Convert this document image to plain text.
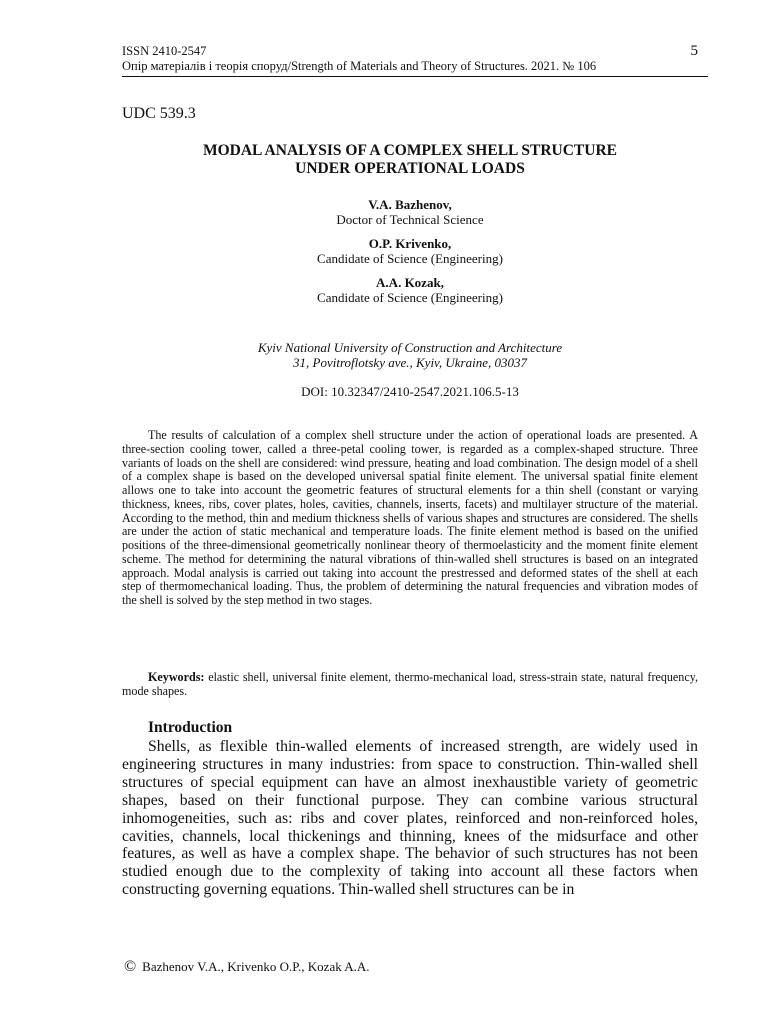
ISSN 2410-2547
Опір матеріалів і теорія споруд/Strength of Materials and Theory of Structures. 2021. № 106
5
UDC 539.3
MODAL ANALYSIS OF A COMPLEX SHELL STRUCTURE
UNDER OPERATIONAL LOADS
V.A. Bazhenov,
Doctor of Technical Science
O.P. Krivenko,
Candidate of Science (Engineering)
A.A. Kozak,
Candidate of Science (Engineering)
Kyiv National University of Construction and Architecture
31, Povitroflotsky ave., Kyiv, Ukraine, 03037
DOI: 10.32347/2410-2547.2021.106.5-13

The results of calculation of a complex shell structure under the action of operational loads are presented. A three-section cooling tower, called a three-petal cooling tower, is regarded as a complex-shaped structure. Three variants of loads on the shell are considered: wind pressure, heating and load combination. The design model of a shell of a complex shape is based on the developed universal spatial finite element. The universal spatial finite element allows one to take into account the geometric features of structural elements for a thin shell (constant or varying thickness, knees, ribs, cover plates, holes, cavities, channels, inserts, facets) and multilayer structure of the material. According to the method, thin and medium thickness shells of various shapes and structures are considered. The shells are under the action of static mechanical and temperature loads. The finite element method is based on the unified positions of the three-dimensional geometrically nonlinear theory of thermoelasticity and the moment finite element scheme. The method for determining the natural vibrations of thin-walled shell structures is based on an integrated approach. Modal analysis is carried out taking into account the prestressed and deformed states of the shell at each step of thermomechanical loading. Thus, the problem of determining the natural frequencies and vibration modes of the shell is solved by the step method in two stages.

Keywords: elastic shell, universal finite element, thermo-mechanical load, stress-strain state, natural frequency, mode shapes.

Introduction

Shells, as flexible thin-walled elements of increased strength, are widely used in engineering structures in many industries: from space to construction. Thin-walled shell structures of special equipment can have an almost inexhaustible variety of geometric shapes, based on their functional purpose. They can combine various structural inhomogeneities, such as: ribs and cover plates, reinforced and non-reinforced holes, cavities, channels, local thickenings and thinning, knees of the midsurface and other features, as well as have a complex shape. The behavior of such structures has not been studied enough due to the complexity of taking into account all these factors when constructing governing equations. Thin-walled shell structures can be in

© Bazhenov V.A., Krivenko O.P., Kozak A.A.
